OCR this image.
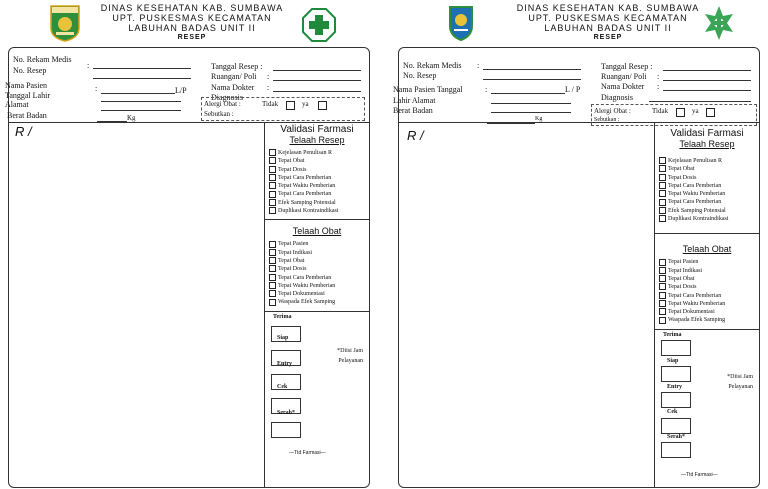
DINAS KESEHATAN KAB. SUMBAWA
UPT. PUSKESMAS KECAMATAN
LABUHAN BADAS UNIT II
RESEP
No. Rekam Medis
:
No. Resep
Nama Pasien	:	L/P
Tanggal Lahir
Alamat
Berat Badan	Kg
Tanggal Resep :
Ruangan/ Poli :
Nama Dokter :
Diagnosis
Alergi Obat :	Tidak	ya
Sebutkan :
R /	Validasi Farmasi
Telaah Resep
Kejelasan Penulisan R
Tepat Obat
Tepat Dosis
Tepat Cara Pemberian
Tepat Waktu Pemberian
Tepat Cara Pemberian
Efek Samping Potensial
Duplikasi Kontraindikasi
Telaah Obat
Tepat Pasien
Tepat Indikasi
Tepat Obat
Tepat Dosis
Tepat Cara Pemberian
Tepat Waktu Pemberian
Tepat Dokumentasi
Waspada Efek Samping
Terima
Siap
Entry
Cek
Serah*
*Diisi Jam
Pelayanan
—Ttd Farmasi—
DINAS KESEHATAN KAB. SUMBAWA
UPT. PUSKESMAS KECAMATAN
LABUHAN BADAS UNIT II
RESEP
No. Rekam Medis :
No. Resep
Nama Pasien Tanggal	:	L / P
Lahir Alamat
Berat Badan
Kg
Tanggal Resep :
Ruangan/ Poli :
Nama Dokter :
Diagnosis
Alergi Obat :	Tidak	ya
Sebutkan :
R /	Validasi Farmasi
Telaah Resep
Kejelasan Penulisan R
Tepat Obat
Tepat Dosis
Tepat Cara Pemberian
Tepat Waktu Pemberian
Tepat Cara Pemberian
Efek Samping Potensial
Duplikasi Kontraindikasi
Telaah Obat
Tepat Pasien
Tepat Indikasi
Tepat Obat
Tepat Dosis
Tepat Cara Pemberian
Tepat Waktu Pemberian
Tepat Dokumentasi
Waspada Efek Samping
Terima
Siap
Entry
Cek
Serah*
*Diisi Jam
Pelayanan
—Ttd Farmasi—
